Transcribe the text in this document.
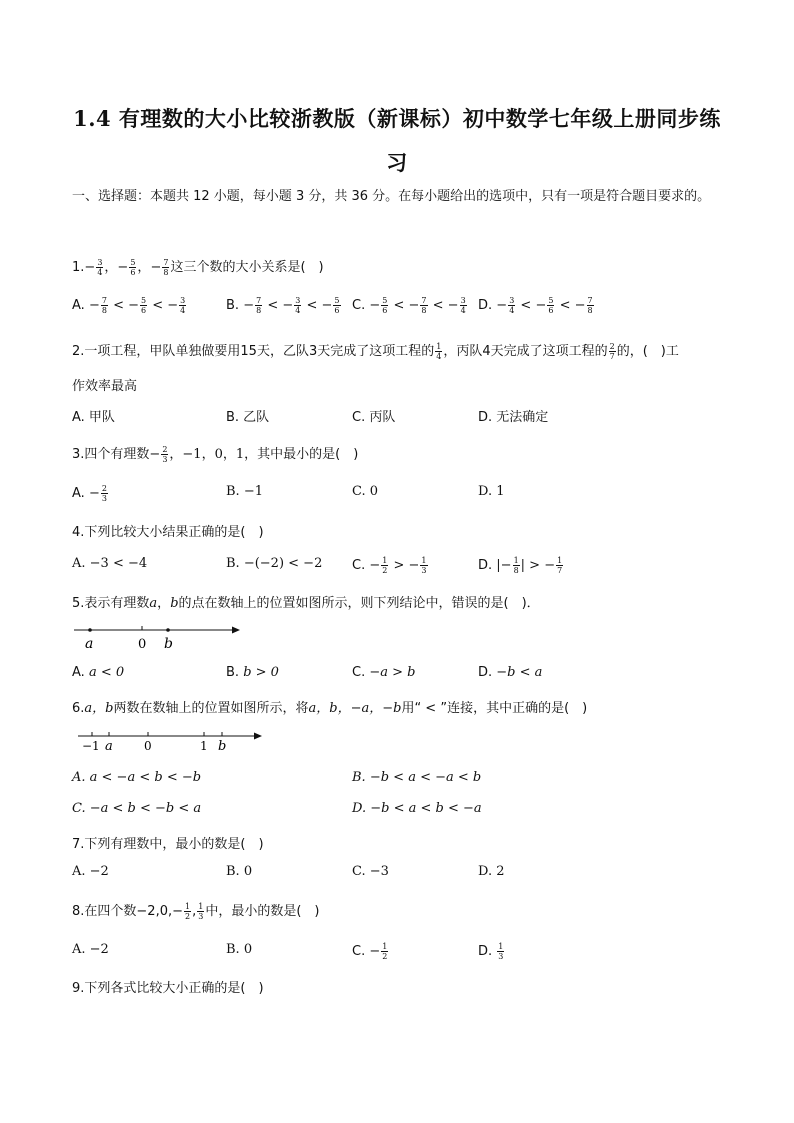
1.4 有理数的大小比较浙教版（新课标）初中数学七年级上册同步练
习
一、选择题：本题共 12 小题，每小题 3 分，共 36 分。在每小题给出的选项中，只有一项是符合题目要求的。
$1.- \frac{3}{4}$ ，− $\frac{5}{6}$ ，− $\frac{7}{8}$ 这三个数的大小关系是(　)
A. − $\frac{7}{8}$ < − $\frac{5}{6}$ < − $\frac{3}{4}$	B. − $\frac{7}{8}$ < − $\frac{3}{4}$ < − $\frac{5}{6} C$. − $\frac{5}{6}$ < − $\frac{7}{8}$ < − $\frac{3}{4} D$. − $\frac{3}{4}$ < − $\frac{5}{6}$ < − $\frac{7}{8}$
2.一项工程，甲队单独做要用15天，乙队3天完成了这项工程的 $\frac{1}{4}$ ，丙队4天完成了这项工程的 $\frac{2}{7}$ 的，(　)工
作效率最高
A. 甲队	B. 乙队	C. 丙队	D. 无法确定
3.四个有理数− $\frac{2}{3}$ ，−1，0，1，其中最小的是(　)
A. − $\frac{2}{3}$	B. −1	C. 0	D. 1
4.下列比较大小结果正确的是(　)
A. −3 < −4	B. −(−2) < −2 C. − $\frac{1}{2}$ > − $\frac{1}{3}$	D. |− $\frac{1}{8}$ | > − $\frac{1}{7}$
5.表示有理数a，b的点在数轴上的位置如图所示，则下列结论中，错误的是(　)．
a	0 b
A. a < 0	B. b > 0	C. −a > b	D. −b < a
6.a，b两数在数轴上的位置如图所示，将a，b，−a，−b用“ < ”连接，其中正确的是(　)
−1 a	0	1 b
A. a < −a < b < −b	B. −b < a < −a < b
C. −a < b < −b < a	D. −b < a < b < −a
7.下列有理数中，最小的数是(　)
A. −2	B. 0	C. −3	D. 2
8.在四个数$-2,0,- \frac{1}{2}$ , $\frac{1}{3}$ 中，最小的数是(　)
A. −2	B. 0	C. − $\frac{1}{2}$	D. $\frac{1}{3}$
9.下列各式比较大小正确的是(　)
